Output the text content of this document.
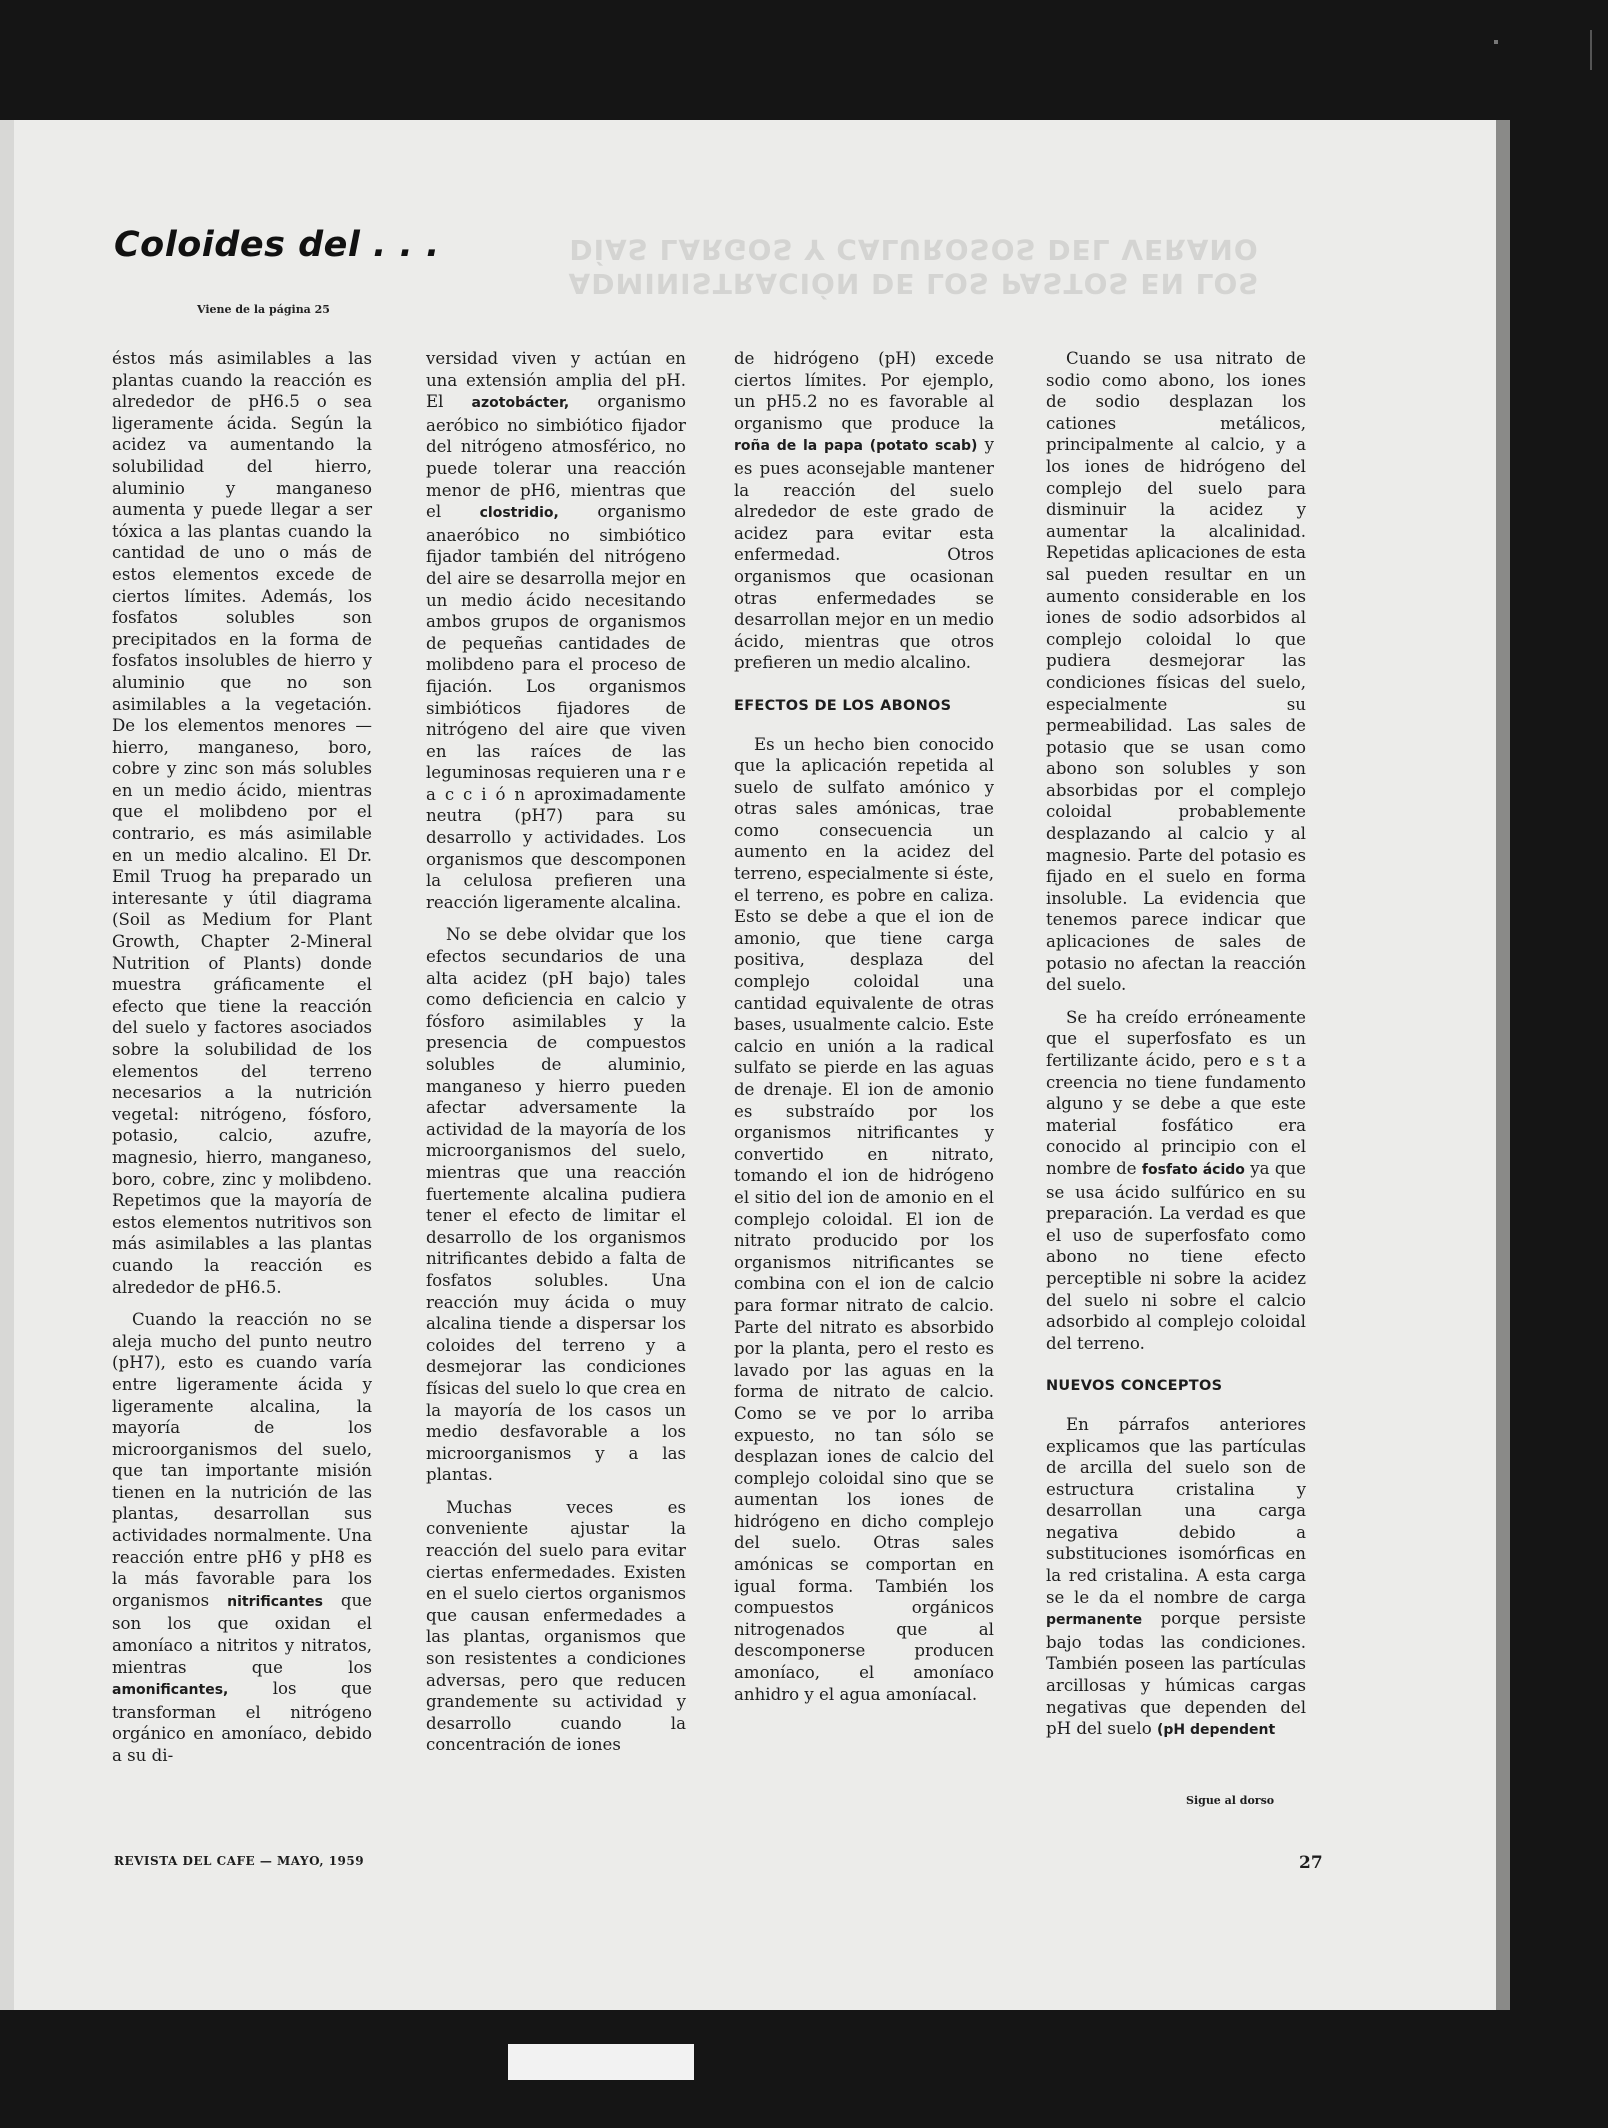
ADMINISTRACIÓN DE LOS PASTOS EN LOS DÍAS LARGOS Y CALUROSOS DEL VERANO
Coloides del . . .
Viene de la página 25

éstos más asimilables a las plantas cuando la reacción es alrededor de pH6.5 o sea ligeramente ácida. Según la acidez va aumentando la solubilidad del hierro, aluminio y manganeso aumenta y puede llegar a ser tóxica a las plantas cuando la cantidad de uno o más de estos elementos excede de ciertos límites. Además, los fosfatos solubles son precipitados en la forma de fosfatos insolubles de hierro y aluminio que no son asimilables a la vegetación. De los elementos menores —hierro, manganeso, boro, cobre y zinc son más solubles en un medio ácido, mientras que el molibdeno por el contrario, es más asimilable en un medio alcalino. El Dr. Emil Truog ha preparado un interesante y útil diagrama (Soil as Medium for Plant Growth, Chapter 2-Mineral Nutrition of Plants) donde muestra gráficamente el efecto que tiene la reacción del suelo y factores asociados sobre la solubilidad de los elementos del terreno necesarios a la nutrición vegetal: nitrógeno, fósforo, potasio, calcio, azufre, magnesio, hierro, manganeso, boro, cobre, zinc y molibdeno. Repetimos que la mayoría de estos elementos nutritivos son más asimilables a las plantas cuando la reacción es alrededor de pH6.5.

Cuando la reacción no se aleja mucho del punto neutro (pH7), esto es cuando varía entre ligeramente ácida y ligeramente alcalina, la mayoría de los microorganismos del suelo, que tan importante misión tienen en la nutrición de las plantas, desarrollan sus actividades normalmente. Una reacción entre pH6 y pH8 es la más favorable para los organismos nitrificantes que son los que oxidan el amoníaco a nitritos y nitratos, mientras que los amonificantes, los que transforman el nitrógeno orgánico en amoníaco, debido a su di-

versidad viven y actúan en una extensión amplia del pH. El azotobácter, organismo aeróbico no simbiótico fijador del nitrógeno atmosférico, no puede tolerar una reacción menor de pH6, mientras que el clostridio, organismo anaeróbico no simbiótico fijador también del nitrógeno del aire se desarrolla mejor en un medio ácido necesitando ambos grupos de organismos de pequeñas cantidades de molibdeno para el proceso de fijación. Los organismos simbióticos fijadores de nitrógeno del aire que viven en las raíces de las leguminosas requieren una r e a c c i ó n aproximadamente neutra (pH7) para su desarrollo y actividades. Los organismos que descomponen la celulosa prefieren una reacción ligeramente alcalina.

No se debe olvidar que los efectos secundarios de una alta acidez (pH bajo) tales como deficiencia en calcio y fósforo asimilables y la presencia de compuestos solubles de aluminio, manganeso y hierro pueden afectar adversamente la actividad de la mayoría de los microorganismos del suelo, mientras que una reacción fuertemente alcalina pudiera tener el efecto de limitar el desarrollo de los organismos nitrificantes debido a falta de fosfatos solubles. Una reacción muy ácida o muy alcalina tiende a dispersar los coloides del terreno y a desmejorar las condiciones físicas del suelo lo que crea en la mayoría de los casos un medio desfavorable a los microorganismos y a las plantas.

Muchas veces es conveniente ajustar la reacción del suelo para evitar ciertas enfermedades. Existen en el suelo ciertos organismos que causan enfermedades a las plantas, organismos que son resistentes a condiciones adversas, pero que reducen grandemente su actividad y desarrollo cuando la concentración de iones

de hidrógeno (pH) excede ciertos límites. Por ejemplo, un pH5.2 no es favorable al organismo que produce la roña de la papa (potato scab) y es pues aconsejable mantener la reacción del suelo alrededor de este grado de acidez para evitar esta enfermedad. Otros organismos que ocasionan otras enfermedades se desarrollan mejor en un medio ácido, mientras que otros prefieren un medio alcalino.

EFECTOS DE LOS ABONOS

Es un hecho bien conocido que la aplicación repetida al suelo de sulfato amónico y otras sales amónicas, trae como consecuencia un aumento en la acidez del terreno, especialmente si éste, el terreno, es pobre en caliza. Esto se debe a que el ion de amonio, que tiene carga positiva, desplaza del complejo coloidal una cantidad equivalente de otras bases, usualmente calcio. Este calcio en unión a la radical sulfato se pierde en las aguas de drenaje. El ion de amonio es substraído por los organismos nitrificantes y convertido en nitrato, tomando el ion de hidrógeno el sitio del ion de amonio en el complejo coloidal. El ion de nitrato producido por los organismos nitrificantes se combina con el ion de calcio para formar nitrato de calcio. Parte del nitrato es absorbido por la planta, pero el resto es lavado por las aguas en la forma de nitrato de calcio. Como se ve por lo arriba expuesto, no tan sólo se desplazan iones de calcio del complejo coloidal sino que se aumentan los iones de hidrógeno en dicho complejo del suelo. Otras sales amónicas se comportan en igual forma. También los compuestos orgánicos nitrogenados que al descomponerse producen amoníaco, el amoníaco anhidro y el agua amoníacal.

Cuando se usa nitrato de sodio como abono, los iones de sodio desplazan los cationes metálicos, principalmente al calcio, y a los iones de hidrógeno del complejo del suelo para disminuir la acidez y aumentar la alcalinidad. Repetidas aplicaciones de esta sal pueden resultar en un aumento considerable en los iones de sodio adsorbidos al complejo coloidal lo que pudiera desmejorar las condiciones físicas del suelo, especialmente su permeabilidad. Las sales de potasio que se usan como abono son solubles y son absorbidas por el complejo coloidal probablemente desplazando al calcio y al magnesio. Parte del potasio es fijado en el suelo en forma insoluble. La evidencia que tenemos parece indicar que aplicaciones de sales de potasio no afectan la reacción del suelo.

Se ha creído erróneamente que el superfosfato es un fertilizante ácido, pero e s t a creencia no tiene fundamento alguno y se debe a que este material fosfático era conocido al principio con el nombre de fosfato ácido ya que se usa ácido sulfúrico en su preparación. La verdad es que el uso de superfosfato como abono no tiene efecto perceptible ni sobre la acidez del suelo ni sobre el calcio adsorbido al complejo coloidal del terreno.

NUEVOS CONCEPTOS

En párrafos anteriores explicamos que las partículas de arcilla del suelo son de estructura cristalina y desarrollan una carga negativa debido a substituciones isomórficas en la red cristalina. A esta carga se le da el nombre de carga permanente porque persiste bajo todas las condiciones. También poseen las partículas arcillosas y húmicas cargas negativas que dependen del pH del suelo (pH dependent

Sigue al dorso
REVISTA DEL CAFE — MAYO, 1959	27
